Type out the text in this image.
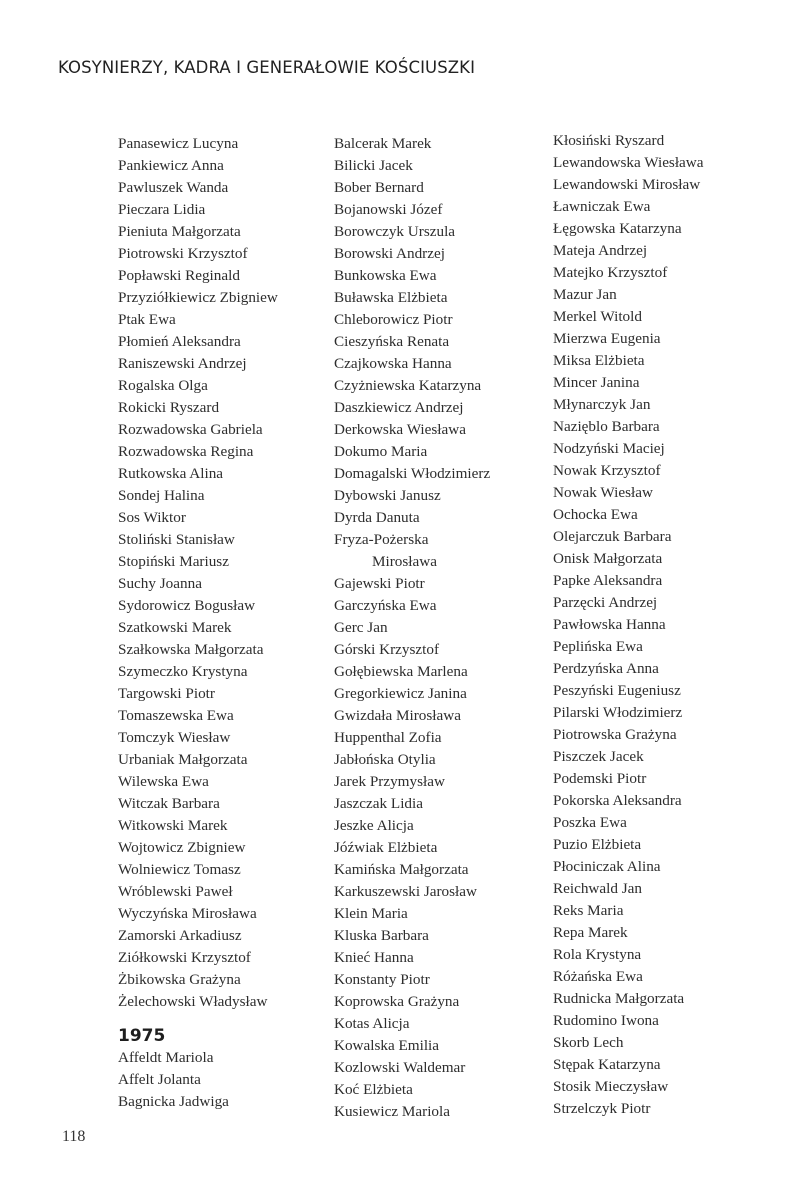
KOSYNIERZY, KADRA I GENERAŁOWIE KOŚCIUSZKI
Panasewicz Lucyna
Pankiewicz Anna
Pawluszek Wanda
Pieczara Lidia
Pieniuta Małgorzata
Piotrowski Krzysztof
Popławski Reginald
Przyziółkiewicz Zbigniew
Ptak Ewa
Płomień Aleksandra
Raniszewski Andrzej
Rogalska Olga
Rokicki Ryszard
Rozwadowska Gabriela
Rozwadowska Regina
Rutkowska Alina
Sondej Halina
Sos Wiktor
Stoliński Stanisław
Stopiński Mariusz
Suchy Joanna
Sydorowicz Bogusław
Szatkowski Marek
Szałkowska Małgorzata
Szymeczko Krystyna
Targowski Piotr
Tomaszewska Ewa
Tomczyk Wiesław
Urbaniak Małgorzata
Wilewska Ewa
Witczak Barbara
Witkowski Marek
Wojtowicz Zbigniew
Wolniewicz Tomasz
Wróblewski Paweł
Wyczyńska Mirosława
Zamorski Arkadiusz
Ziółkowski Krzysztof
Żbikowska Grażyna
Żelechowski Władysław
1975
Affeldt Mariola
Affelt Jolanta
Bagnicka Jadwiga
Balcerak Marek
Bilicki Jacek
Bober Bernard
Bojanowski Józef
Borowczyk Urszula
Borowski Andrzej
Bunkowska Ewa
Buławska Elżbieta
Chleborowicz Piotr
Cieszyńska Renata
Czajkowska Hanna
Czyżniewska Katarzyna
Daszkiewicz Andrzej
Derkowska Wiesława
Dokumo Maria
Domagalski Włodzimierz
Dybowski Janusz
Dyrda Danuta
Fryza-Pożerska
Mirosława
Gajewski Piotr
Garczyńska Ewa
Gerc Jan
Górski Krzysztof
Gołębiewska Marlena
Gregorkiewicz Janina
Gwizdała Mirosława
Huppenthal Zofia
Jabłońska Otylia
Jarek Przymysław
Jaszczak Lidia
Jeszke Alicja
Jóźwiak Elżbieta
Kamińska Małgorzata
Karkuszewski Jarosław
Klein Maria
Kluska Barbara
Knieć Hanna
Konstanty Piotr
Koprowska Grażyna
Kotas Alicja
Kowalska Emilia
Kozlowski Waldemar
Koć Elżbieta
Kusiewicz Mariola
Kłosiński Ryszard
Lewandowska Wiesława
Lewandowski Mirosław
Ławniczak Ewa
Łęgowska Katarzyna
Mateja Andrzej
Matejko Krzysztof
Mazur Jan
Merkel Witold
Mierzwa Eugenia
Miksa Elżbieta
Mincer Janina
Młynarczyk Jan
Nazięblo Barbara
Nodzyński Maciej
Nowak Krzysztof
Nowak Wiesław
Ochocka Ewa
Olejarczuk Barbara
Onisk Małgorzata
Papke Aleksandra
Parzęcki Andrzej
Pawłowska Hanna
Peplińska Ewa
Perdzyńska Anna
Peszyński Eugeniusz
Pilarski Włodzimierz
Piotrowska Grażyna
Piszczek Jacek
Podemski Piotr
Pokorska Aleksandra
Poszka Ewa
Puzio Elżbieta
Płociniczak Alina
Reichwald Jan
Reks Maria
Repa Marek
Rola Krystyna
Różańska Ewa
Rudnicka Małgorzata
Rudomino Iwona
Skorb Lech
Stępak Katarzyna
Stosik Mieczysław
Strzelczyk Piotr
118
